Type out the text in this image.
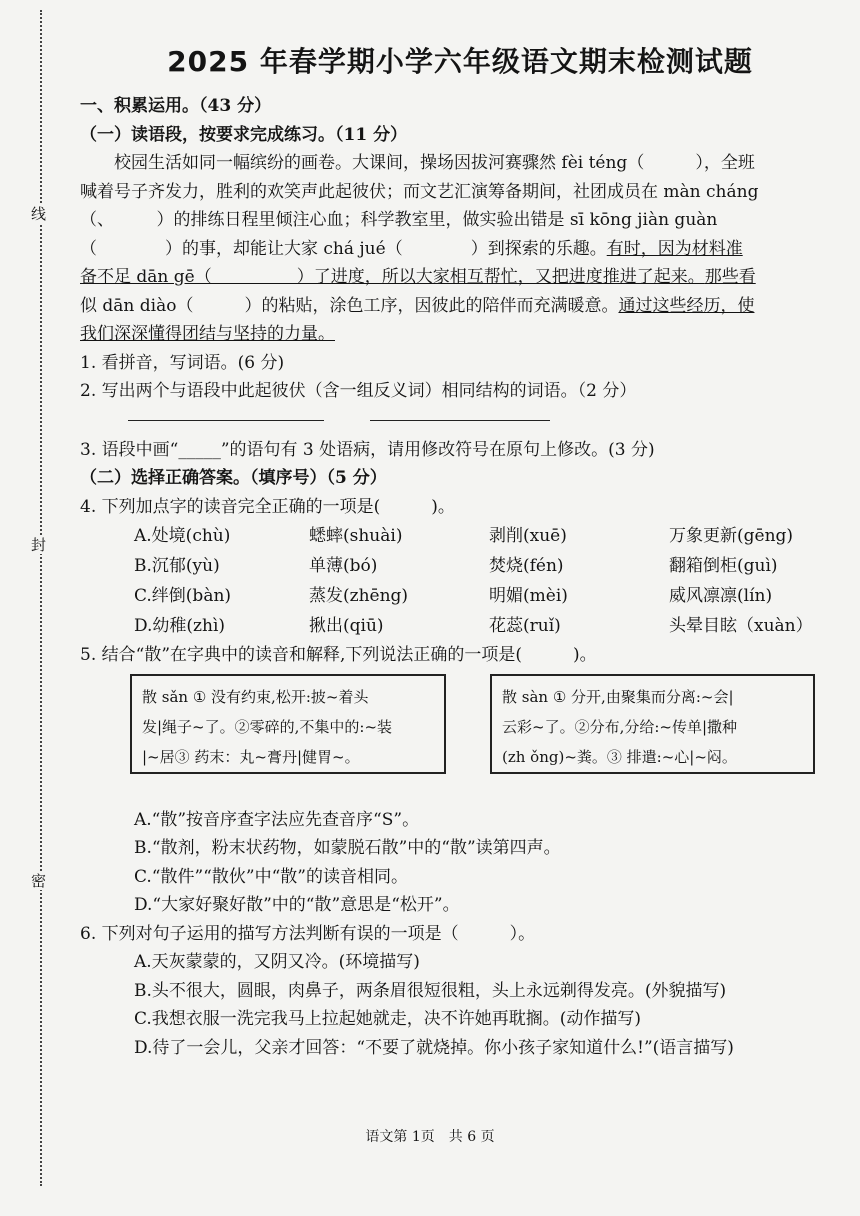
线
封
密
2025 年春学期小学六年级语文期末检测试题
一、积累运用。（43 分）
（一）读语段，按要求完成练习。（11 分）
校园生活如同一幅缤纷的画卷。大课间，操场因拔河赛骤然 fèi téng（　　　），全班
喊着号子齐发力，胜利的欢笑声此起彼伏；而文艺汇演筹备期间，社团成员在 màn cháng
（、　　　）的排练日程里倾注心血；科学教室里，做实验出错是 sī kōng jiàn guàn
（　　　　）的事，却能让大家 chá jué（　　　　）到探索的乐趣。有时，因为材料准
备不足 dān gē（　　　　　）了进度，所以大家相互帮忙，又把进度推进了起来。那些看
似 dān diào（　　　）的粘贴，涂色工序，因彼此的陪伴而充满暖意。通过这些经历，使
我们深深懂得团结与坚持的力量。
1. 看拼音，写词语。(6 分)
2. 写出两个与语段中此起彼伏（含一组反义词）相同结构的词语。（2 分）
3. 语段中画“_____”的语句有 3 处语病，请用修改符号在原句上修改。(3 分)
（二）选择正确答案。（填序号）（5 分）
4. 下列加点字的读音完全正确的一项是(　　　)。
A.处境(chù)	蟋蟀(shuài)	剥削(xuē)	万象更新(gēng)
B.沉郁(yù)	单薄(bó)	焚烧(fén)	翻箱倒柜(guì)
C.绊倒(bàn)	蒸发(zhēng)	明媚(mèi)	威风凛凛(lín)
D.幼稚(zhì)	揪出(qiū)	花蕊(ruǐ)	头晕目眩（xuàn）
5. 结合“散”在字典中的读音和解释,下列说法正确的一项是(　　　)。
散 sǎn ① 没有约束,松开:披~着头
发|绳子~了。②零碎的,不集中的:~装
|~居③ 药末：丸~膏丹|健胃~。
散 sàn ① 分开,由聚集而分离:~会|
云彩~了。②分布,分给:~传单|撒种
(zh ǒng)~粪。③ 排遣:~心|~闷。
A.“散”按音序查字法应先查音序“S”。
B.“散剂，粉末状药物，如蒙脱石散”中的“散”读第四声。
C.“散件”“散伙”中“散”的读音相同。
D.“大家好聚好散”中的“散”意思是“松开”。
6. 下列对句子运用的描写方法判断有误的一项是（　　　）。
A.天灰蒙蒙的，又阴又冷。(环境描写)
B.头不很大，圆眼，肉鼻子，两条眉很短很粗，头上永远剃得发亮。(外貌描写)
C.我想衣服一洗完我马上拉起她就走，决不许她再耽搁。(动作描写)
D.待了一会儿，父亲才回答：“不要了就烧掉。你小孩子家知道什么!”(语言描写)
语文第 1页　共 6 页
